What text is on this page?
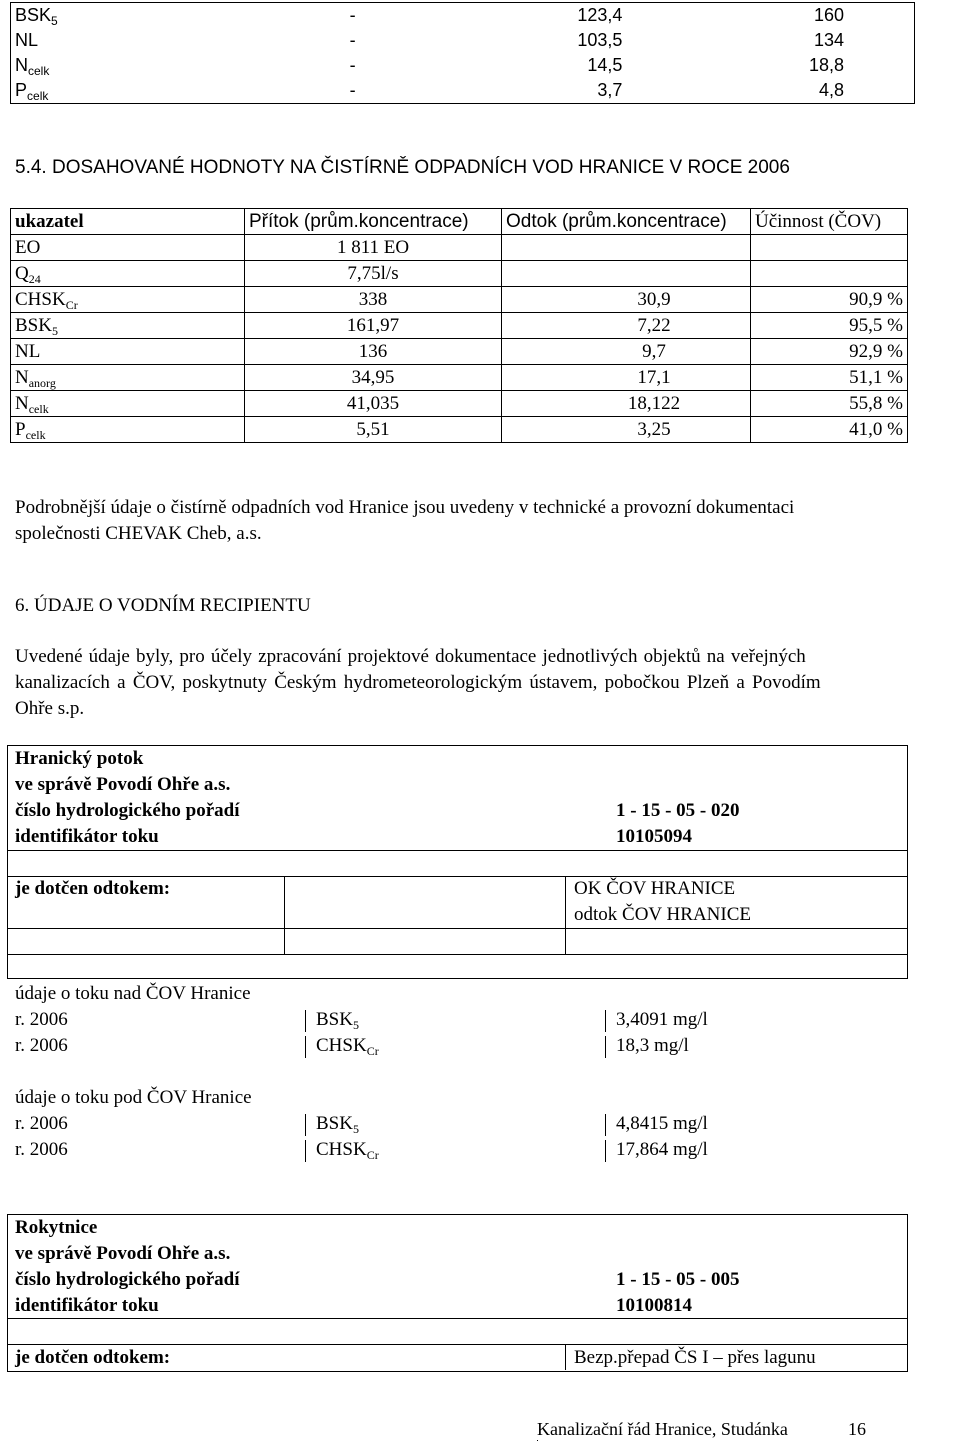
$BSK_5$	-	123,4	160
NL	-	103,5	134
$N_{celk}$	-	14,5	18,8
$P_{celk}$	-	3,7	4,8
5.4. DOSAHOVANÉ HODNOTY NA ČISTÍRNĚ ODPADNÍCH VOD HRANICE V ROCE 2006
ukazatel	Přítok (prům.koncentrace)	Odtok (prům.koncentrace)	Účinnost (ČOV)
EO	1 811 EO		
$Q_{24}$	7,75l/s		
$CHSK_{Cr}$	338	30,9	90,9 %
$BSK_5$	161,97	7,22	95,5 %
NL	136	9,7	92,9 %
$N_{anorg}$	34,95	17,1	51,1 %
$N_{celk}$	41,035	18,122	55,8 %
$P_{celk}$	5,51	3,25	41,0 %
Podrobnější údaje o čistírně odpadních vod Hranice jsou uvedeny v technické a provozní dokumentaci
společnosti CHEVAK Cheb, a.s.
6. ÚDAJE O VODNÍM RECIPIENTU
Uvedené údaje byly, pro účely zpracování projektové dokumentace jednotlivých objektů na veřejných
kanalizacích a ČOV, poskytnuty Českým hydrometeorologickým ústavem, pobočkou Plzeň a Povodím
Ohře s.p.
Hranický potok
ve správě Povodí Ohře a.s.
číslo hydrologického pořadí	1 - 15 - 05 - 020
identifikátor toku	10105094
je dotčen odtokem:	OK ČOV HRANICE
odtok ČOV HRANICE
údaje o toku nad ČOV Hranice
r. 2006	$BSK_5$	3,4091 mg/l
r. 2006	$CHSK_{Cr}$	18,3 mg/l
údaje o toku pod ČOV Hranice
r. 2006	$BSK_5$	4,8415 mg/l
r. 2006	$CHSK_{Cr}$	17,864 mg/l
Rokytnice
ve správě Povodí Ohře a.s.
číslo hydrologického pořadí	1 - 15 - 05 - 005
identifikátor toku	10100814
je dotčen odtokem:	Bezp.přepad ČS I – přes lagunu
Kanalizační řád Hranice, Studánka	16
